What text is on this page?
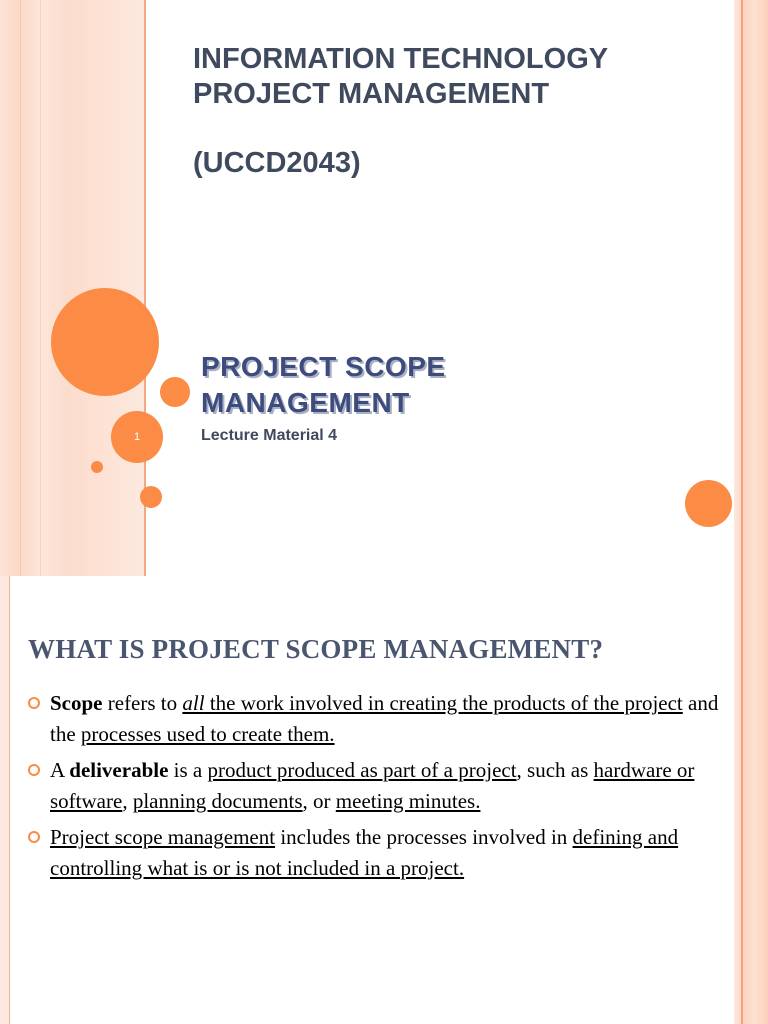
1
INFORMATION TECHNOLOGY PROJECT MANAGEMENT
(UCCD2043)
PROJECT SCOPE MANAGEMENT

Lecture Material 4

WHAT IS PROJECT SCOPE MANAGEMENT?
Scope refers to all the work involved in creating the products of the project and the processes used to create them.
A deliverable is a product produced as part of a project, such as hardware or software, planning documents, or meeting minutes.
Project scope management includes the processes involved in defining and controlling what is or is not included in a project.
